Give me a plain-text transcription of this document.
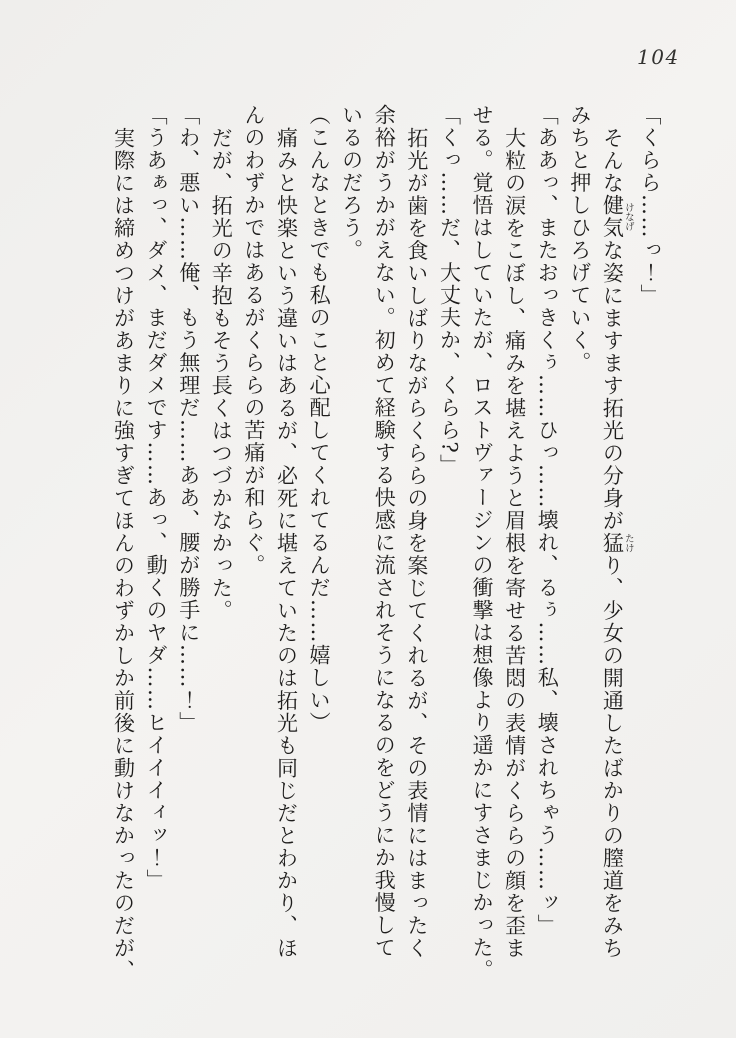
104

「くらら……っ！」

そんな健気けなげな姿にますます拓光の分身が猛たけり、少女の開通したばかりの膣道をみち

みちと押しひろげていく。

「ああっ、またおっきくぅ……ひっ……壊れ、るぅ……私、壊されちゃう……ッ」

大粒の涙をこぼし、痛みを堪えようと眉根を寄せる苦悶の表情がくららの顔を歪ま

せる。覚悟はしていたが、ロストヴァージンの衝撃は想像より遥かにすさまじかった。

「くっ……だ、大丈夫か、くらら?」

拓光が歯を食いしばりながらくららの身を案じてくれるが、その表情にはまったく

余裕がうかがえない。初めて経験する快感に流されそうになるのをどうにか我慢して

いるのだろう。

（こんなときでも私のこと心配してくれてるんだ……嬉しい）

痛みと快楽という違いはあるが、必死に堪えていたのは拓光も同じだとわかり、ほ

んのわずかではあるがくららの苦痛が和らぐ。

だが、拓光の辛抱もそう長くはつづかなかった。

「わ、悪い……俺、もう無理だ……ああ、腰が勝手に……！」

「うあぁっ、ダメ、まだダメです……あっ、動くのヤダ……ヒイイイィッ！」

実際には締めつけがあまりに強すぎてほんのわずかしか前後に動けなかったのだが、
